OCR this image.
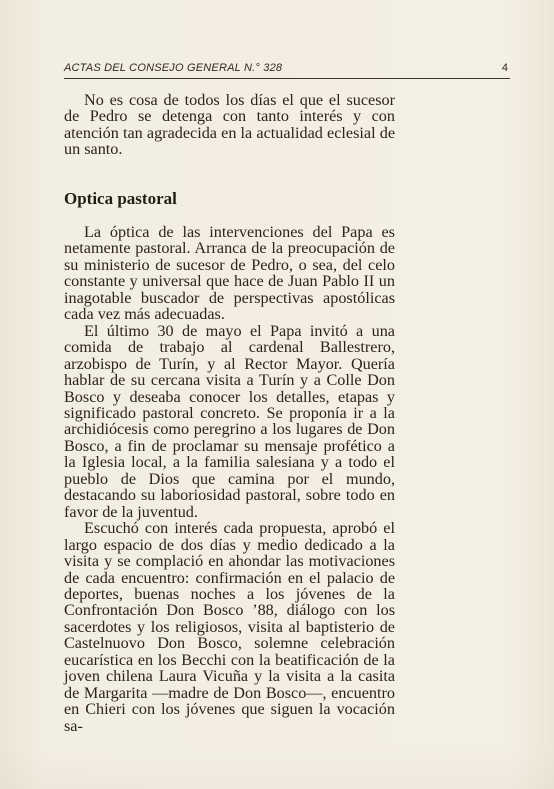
ACTAS DEL CONSEJO GENERAL N.° 328	4

No es cosa de todos los días el que el sucesor de Pedro se detenga con tanto interés y con atención tan agradecida en la actualidad eclesial de un santo.

Optica pastoral

La óptica de las intervenciones del Papa es netamente pastoral. Arranca de la preocupación de su ministerio de sucesor de Pedro, o sea, del celo constante y universal que hace de Juan Pablo II un inagotable buscador de perspectivas apostólicas cada vez más adecuadas.

El último 30 de mayo el Papa invitó a una comida de trabajo al cardenal Ballestrero, arzobispo de Turín, y al Rector Mayor. Quería hablar de su cercana visita a Turín y a Colle Don Bosco y deseaba conocer los detalles, etapas y significado pastoral concreto. Se proponía ir a la archidiócesis como peregrino a los lugares de Don Bosco, a fin de proclamar su mensaje profético a la Iglesia local, a la familia salesiana y a todo el pueblo de Dios que camina por el mundo, destacando su laboriosidad pastoral, sobre todo en favor de la juventud.

Escuchó con interés cada propuesta, aprobó el largo espacio de dos días y medio dedicado a la visita y se complació en ahondar las motivaciones de cada encuentro: confirmación en el palacio de deportes, buenas noches a los jóvenes de la Confrontación Don Bosco ’88, diálogo con los sacerdotes y los religiosos, visita al baptisterio de Castelnuovo Don Bosco, solemne celebración eucarística en los Becchi con la beatificación de la joven chilena Laura Vicuña y la visita a la casita de Margarita —madre de Don Bosco—, encuentro en Chieri con los jóvenes que siguen la vocación sa-
